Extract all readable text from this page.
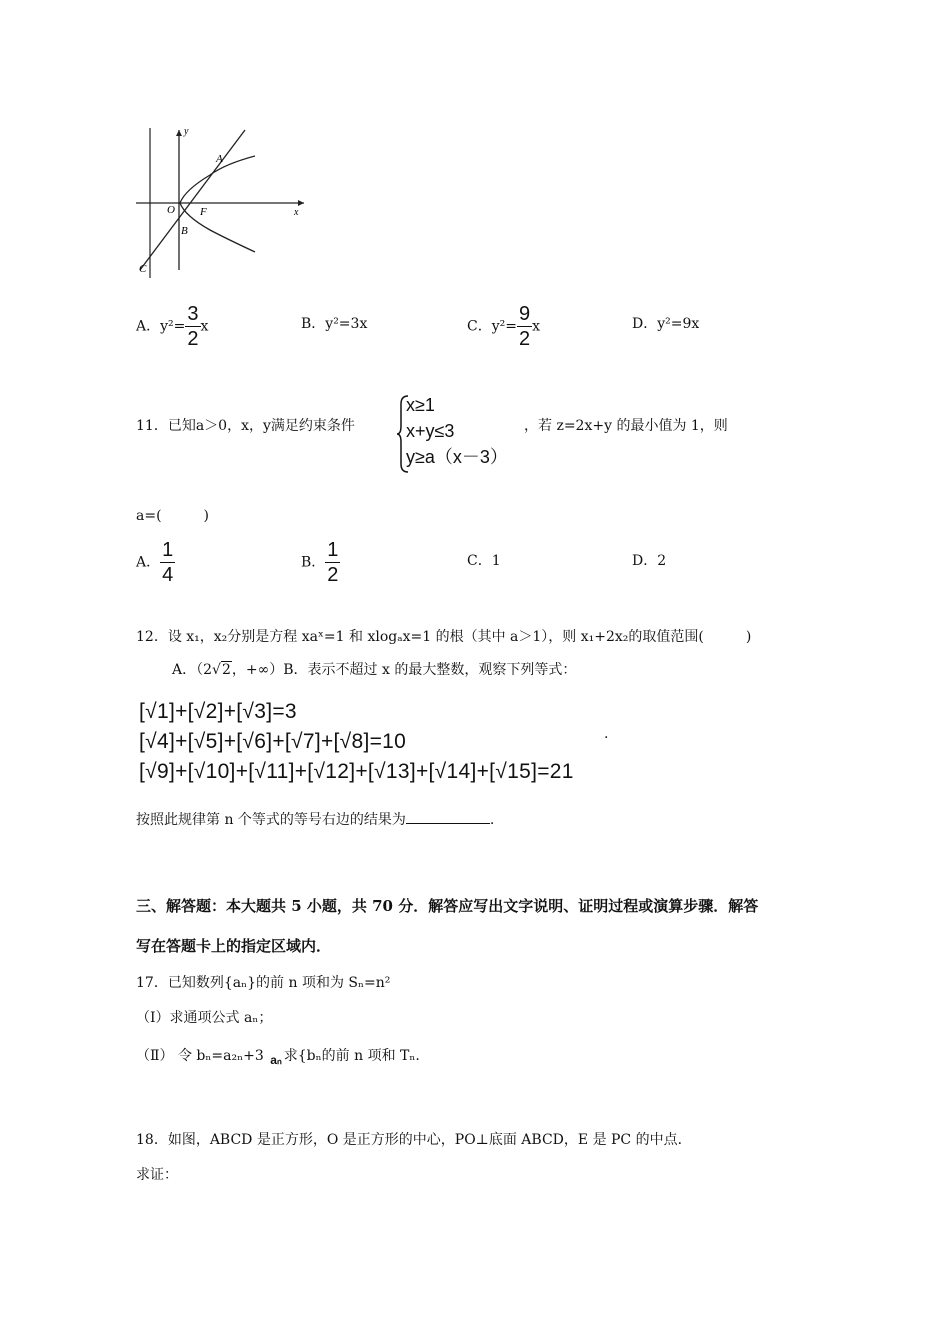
y
x
O
A
F
B
C
A．$y^2= \frac{3}{2}$ x	B．y²=3x	C．$y^2= \frac{9}{2}$ x	D．y²=9x
11．已知a＞0，x，y满足约束条件
x≥1
x+y≤3
y≥a（x－3）
，若 z=2x+y 的最小值为 1，则
a=(　　　)
A． $\frac{1}{4}$	B． $\frac{1}{2}$	C．1	D．2
12．设 x₁，x₂分别是方程 xaˣ=1 和 xlogₐx=1 的根（其中 a＞1），则 x₁+2x₂的取值范围(　　　)
A．（2√2，+∞）B．表示不超过 x 的最大整数，观察下列等式：
[√1]+[√2]+[√3]=3
[√4]+[√5]+[√6]+[√7]+[√8]=10	.
[√9]+[√10]+[√11]+[√12]+[√13]+[√14]+[√15]=21
按照此规律第 n 个等式的等号右边的结果为	.
三、解答题：本大题共 5 小题，共 70 分．解答应写出文字说明、证明过程或演算步骤．解答
写在答题卡上的指定区域内．
17．已知数列{aₙ}的前 n 项和为 Sₙ=n²
（Ⅰ）求通项公式 aₙ；
（Ⅱ） 令 bₙ=a₂ₙ+3 aₙ 求{bₙ的前 n 项和 Tₙ.
18．如图，ABCD 是正方形，O 是正方形的中心，PO⊥底面 ABCD，E 是 PC 的中点．
求证：
